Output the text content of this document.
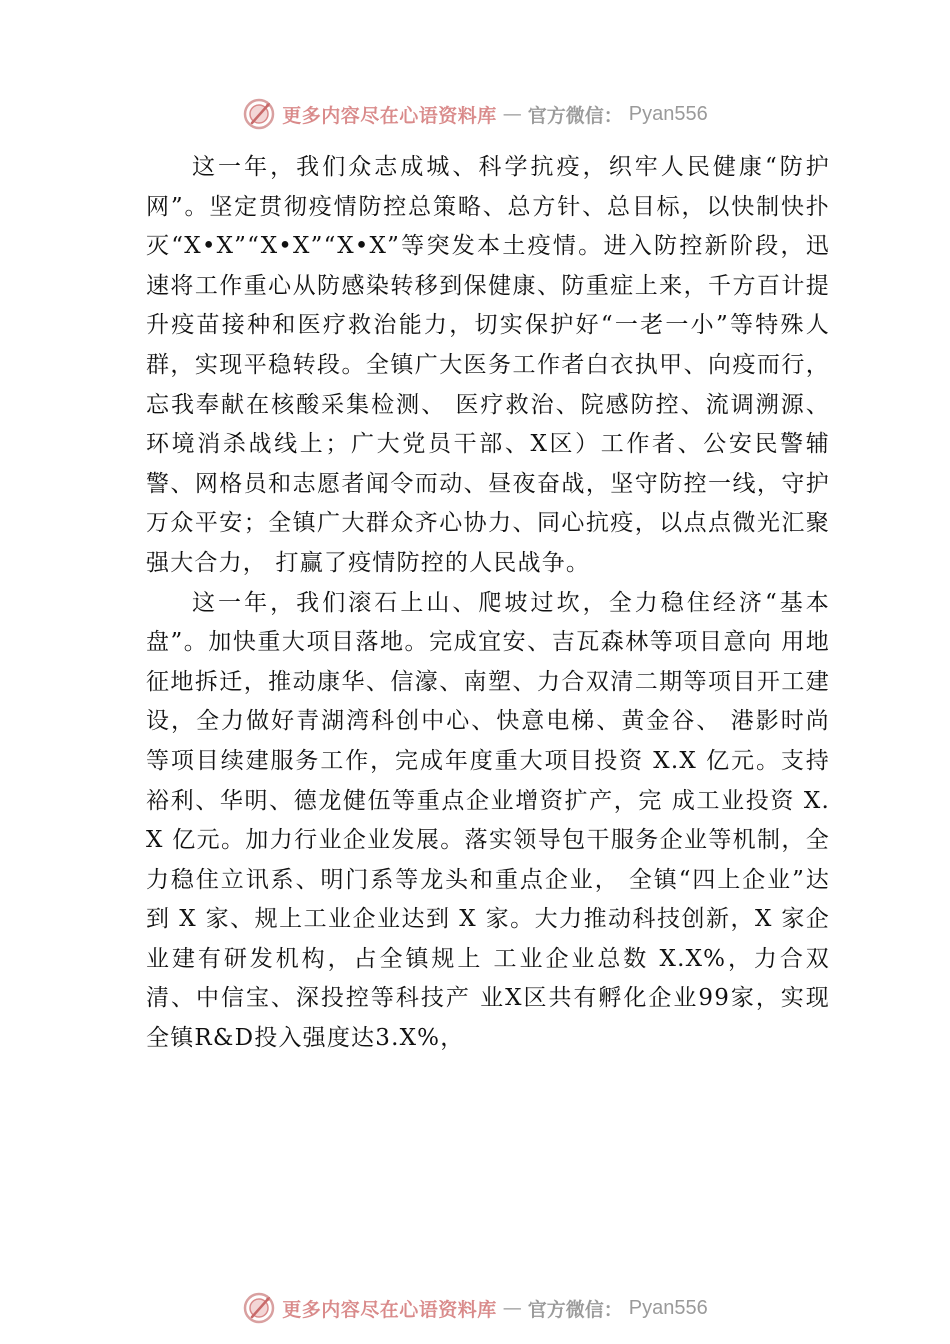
更多内容尽在心语资料库 — 官方微信： Pyan556

这一年，我们众志成城、科学抗疫，织牢人民健康“防护网”。坚定贯彻疫情防控总策略、总方针、总目标，以快制快扑灭“X•X”“X•X”“X•X”等突发本土疫情。进入防控新阶段，迅速将工作重心从防感染转移到保健康、防重症上来，千方百计提升疫苗接种和医疗救治能力，切实保护好“一老一小”等特殊人群，实现平稳转段。全镇广大医务工作者白衣执甲、向疫而行，忘我奉献在核酸采集检测、 医疗救治、院感防控、流调溯源、环境消杀战线上；广大党员干部、X区）工作者、公安民警辅警、网格员和志愿者闻令而动、昼夜奋战，坚守防控一线，守护万众平安；全镇广大群众齐心协力、同心抗疫，以点点微光汇聚强大合力， 打赢了疫情防控的人民战争。

这一年，我们滚石上山、爬坡过坎，全力稳住经济“基本盘”。加快重大项目落地。完成宜安、吉瓦森林等项目意向 用地征地拆迁，推动康华、信濠、南塑、力合双清二期等项目开工建设，全力做好青湖湾科创中心、快意电梯、黄金谷、 港影时尚等项目续建服务工作，完成年度重大项目投资 X.X 亿元。支持裕利、华明、德龙健伍等重点企业增资扩产，完 成工业投资 X.X 亿元。加力行业企业发展。落实领导包干服务企业等机制，全力稳住立讯系、明门系等龙头和重点企业， 全镇“四上企业”达到 X 家、规上工业企业达到 X 家。大力推动科技创新，X 家企业建有研发机构，占全镇规上 工业企业总数 X.X%，力合双清、中信宝、深投控等科技产 业X区共有孵化企业99家，实现全镇R&D投入强度达3.X%，

更多内容尽在心语资料库 — 官方微信： Pyan556
